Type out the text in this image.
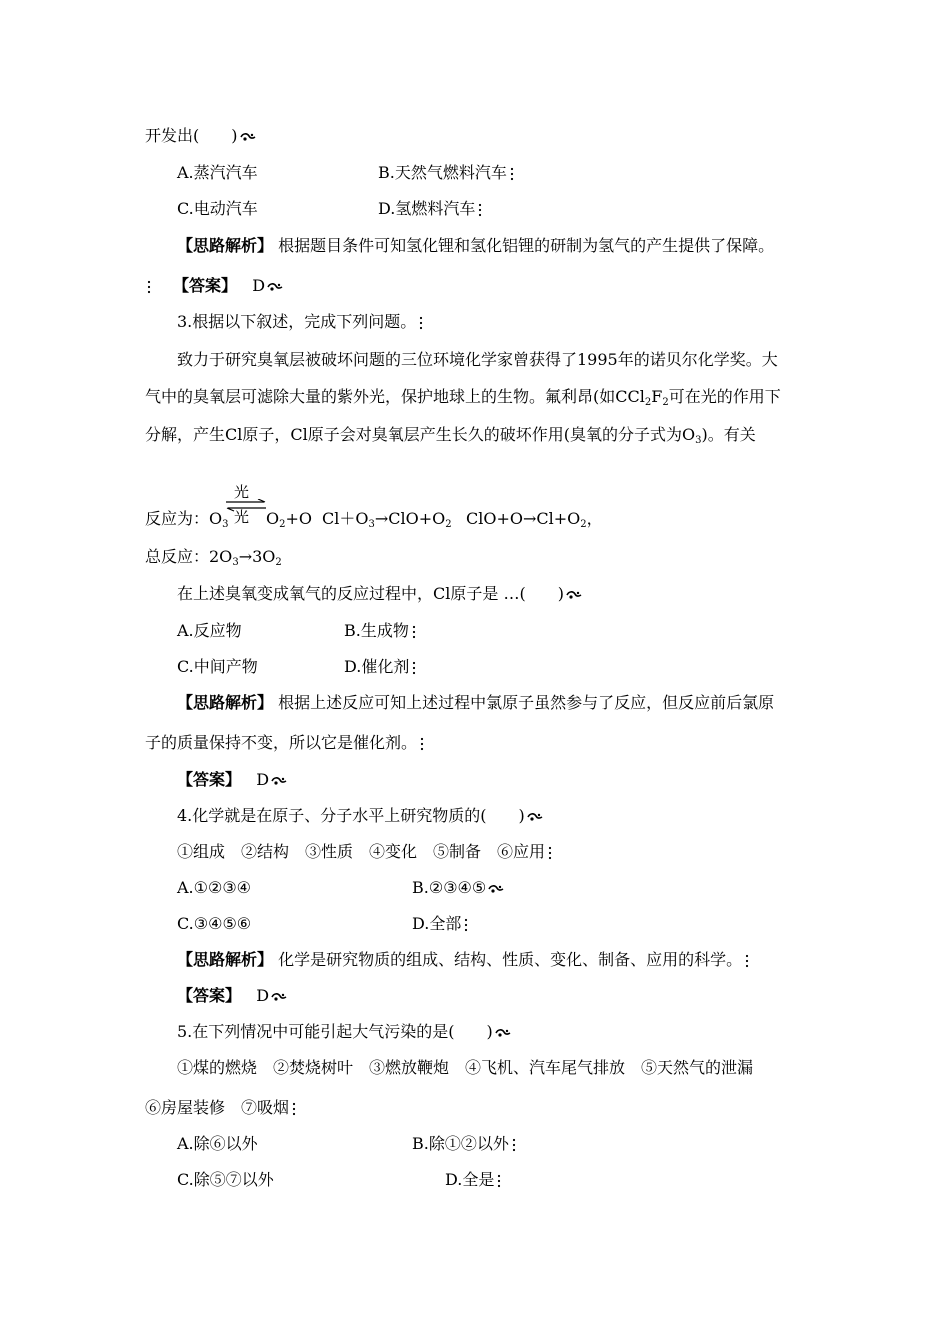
开发出(　　)
A.蒸汽汽车	B.天然气燃料汽车
C.电动汽车	D.氢燃料汽车
【思路解析】 根据题目条件可知氢化锂和氢化铝锂的研制为氢气的产生提供了保障。
【答案】 D
3.根据以下叙述，完成下列问题。
致力于研究臭氧层被破坏问题的三位环境化学家曾获得了1995年的诺贝尔化学奖。大
气中的臭氧层可滤除大量的紫外光，保护地球上的生物。氟利昂(如$CCl_2F_2$可在光的作用下
分解，产生Cl原子，Cl原子会对臭氧层产生长久的破坏作用(臭氧的分子式为$O_3$)。有关
反应为：$O_3$
光
光 $O_2+O$ $Cl+O_3\to ClO+O_2$ $ClO+O\to Cl+O_2$，
总反应：$2O_3\to 3O_2$
在上述臭氧变成氧气的反应过程中，Cl原子是 …(　　)
A.反应物	B.生成物
C.中间产物	D.催化剂
【思路解析】 根据上述反应可知上述过程中氯原子虽然参与了反应，但反应前后氯原
子的质量保持不变，所以它是催化剂。
【答案】 D
4.化学就是在原子、分子水平上研究物质的(　　)
①组成　②结构　③性质　④变化　⑤制备　⑥应用
A.①②③④	B.②③④⑤
C.③④⑤⑥	D.全部
【思路解析】 化学是研究物质的组成、结构、性质、变化、制备、应用的科学。
【答案】 D
5.在下列情况中可能引起大气污染的是(　　)
①煤的燃烧　②焚烧树叶　③燃放鞭炮　④飞机、汽车尾气排放　⑤天然气的泄漏
⑥房屋装修　⑦吸烟
A.除⑥以外	B.除①②以外
C.除⑤⑦以外	D.全是
